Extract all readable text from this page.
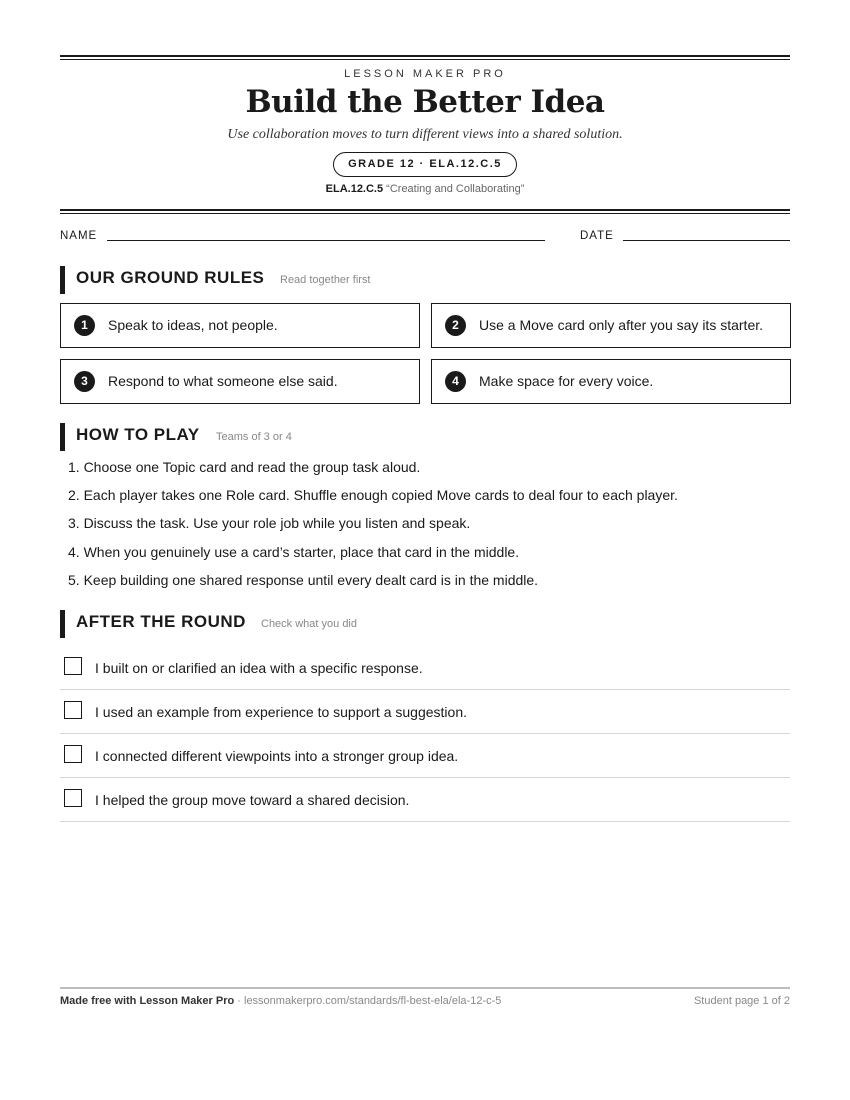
LESSON MAKER PRO
Build the Better Idea
Use collaboration moves to turn different views into a shared solution.
GRADE 12 · ELA.12.C.5
ELA.12.C.5 “Creating and Collaborating”
NAME	DATE
OUR GROUND RULES Read together first
1	Speak to ideas, not people.	2	Use a Move card only after you say its starter.
3	Respond to what someone else said.	4	Make space for every voice.
HOW TO PLAY Teams of 3 or 4
1. Choose one Topic card and read the group task aloud.
2. Each player takes one Role card. Shuffle enough copied Move cards to deal four to each player.
3. Discuss the task. Use your role job while you listen and speak.
4. When you genuinely use a card’s starter, place that card in the middle.
5. Keep building one shared response until every dealt card is in the middle.
AFTER THE ROUND Check what you did
I built on or clarified an idea with a specific response.
I used an example from experience to support a suggestion.
I connected different viewpoints into a stronger group idea.
I helped the group move toward a shared decision.
Made free with Lesson Maker Pro · lessonmakerpro.com/standards/fl-best-ela/ela-12-c-5	Student page 1 of 2
